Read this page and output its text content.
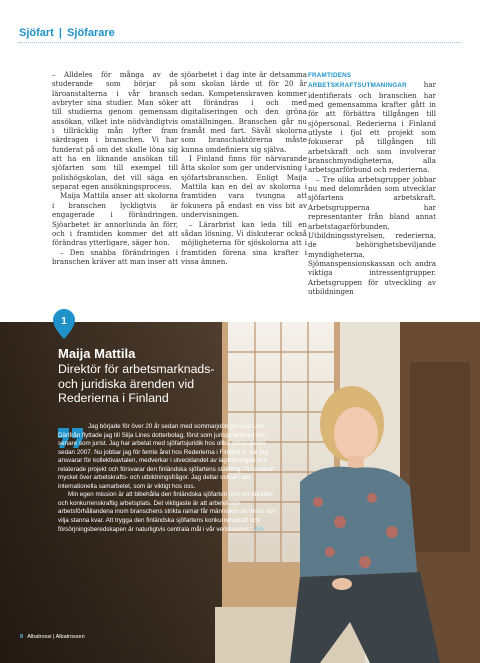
Sjöfart | Sjöfarare

– Alldeles för många av de studerande som börjar på läroanstalterna i vår bransch avbryter sina studier. Man söker till studierna genom gemensam ansökan, vilket inte nödvändigtvis i tillräcklig mån lyfter fram särdragen i branschen. Vi har funderat på om det skulle löna sig att ha en liknande ansökan till sjöfarten som till exempel till polishögskolan, det vill säga en separat egen ansökningsprocess.

Maija Mattila anser att skolorna i branschen lyckligtvis är engagerade i förändringen. Sjöarbetet är annorlunda än förr, och i framtiden kommer det att förändras ytterligare, säger hon.

– Den snabba förändringen i branschen kräver att man inser att

sjöarbetet i dag inte är detsamma som skolan lärde ut för 20 år sedan. Kompetenskraven kommer att förändras i och med digitaliseringen och den gröna omställningen. Branschen går nu framåt med fart. Sävål skolorna som branschaktörerna måste kunna omdefiniera sig själva.

I Finland finns för närvarande åtta skolor som ger undervisning i sjöfartsbranschen. Enligt Maija Mattila kan en del av skolorna i framtiden vara tvungna att fokusera på endast en viss bit av undervisningen.

– Lärarbrist kan leda till en sådan lösning. Vi diskuterar också möjligheterna för sjöskolorna att i framtiden förena sina krafter i vissa ämnen.

FRAMTIDENS ARBETSKRAFTSUTMANINGAR har identifierats och branschen har med gemensamma krafter gått in för att förbättra tillgången till sjöpersonal. Rederierna i Finland utlyste i fjol ett projekt som fokuserar på tillgången till arbetskraft och som involverar branschmyndigheterna, alla arbetsgarförbund och rederierna.

– Tre olika arbetsgrupper jobbar nu med delområden som utvecklar sjöfartens arbetskraft. Arbetsgrupperna har representanter från bland annat arbetstagarförbunden, Utbildningsstyrelsen, rederierna, de behörighetsbeviljande myndigheterna, Sjömanspensionskassan och andra viktiga intressentgrupper. Arbetsgruppen för utveckling av utbildningen

1
Maija Mattila
Direktör för arbetsmarknads-
och juridiska ärenden vid
Rederierna i Finland

Jag började för över 20 år sedan med sommarjobb på Silja Line. Därifrån flyttade jag till Silja Lines dotterbolag, först som juristpraktikant och senare som jurist. Jag har arbetat med sjöfartsjuridik hos olika arbetsgivare sedan 2007. Nu jobbar jag för femte året hos Rederierna i Finland rf, där jag ansvarar för kollektivavtalen, medverkar i utvecklandet av lagstiftningen och relaterade projekt och försvarar den finländska sjöfartens ställning. Vi funderar mycket över arbetskrafts- och utbildningsfrågor. Jag deltar också i det internationella samarbetet, som är viktigt hos oss.

Min egen mission är att bibehålla den finländska sjöfarten som en attraktiv och konkurrenskraftig arbetsplats. Det viktigaste är att arbetet och arbetsförhållandena inom branschens strikta ramar får människor att trivas och vilja stanna kvar. Att trygga den finländska sjöfartens konkurrenskraft och försörjningsberedskapen är naturligtvis centrala mål i vår verksamhet.” AA

8 Albatrossi | Albatrossen
